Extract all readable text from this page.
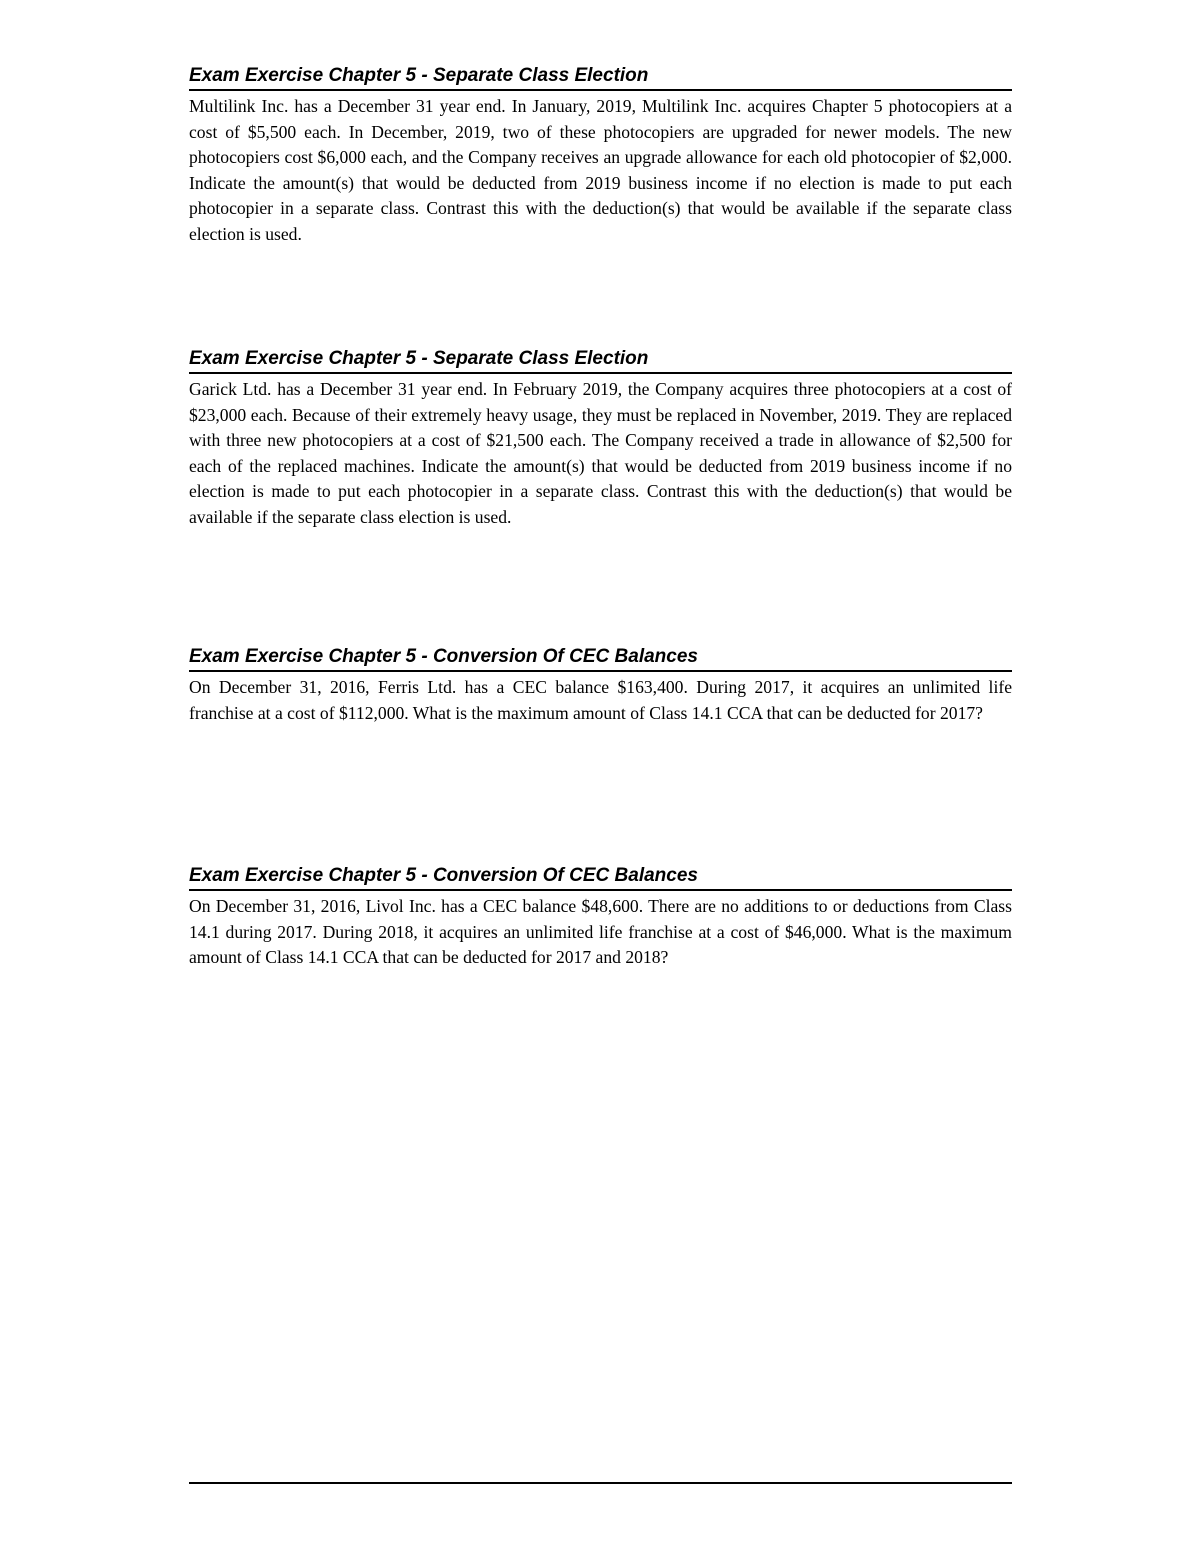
Exam Exercise Chapter 5 - Separate Class Election
Multilink Inc. has a December 31 year end. In January, 2019, Multilink Inc. acquires Chapter 5 photocopiers at a cost of $5,500 each. In December, 2019, two of these photocopiers are upgraded for newer models. The new photocopiers cost $6,000 each, and the Company receives an upgrade allowance for each old photocopier of $2,000. Indicate the amount(s) that would be deducted from 2019 business income if no election is made to put each photocopier in a separate class. Contrast this with the deduction(s) that would be available if the separate class election is used.
Exam Exercise Chapter 5 - Separate Class Election
Garick Ltd. has a December 31 year end. In February 2019, the Company acquires three photocopiers at a cost of $23,000 each. Because of their extremely heavy usage, they must be replaced in November, 2019. They are replaced with three new photocopiers at a cost of $21,500 each. The Company received a trade in allowance of $2,500 for each of the replaced machines. Indicate the amount(s) that would be deducted from 2019 business income if no election is made to put each photocopier in a separate class. Contrast this with the deduction(s) that would be available if the separate class election is used.
Exam Exercise Chapter 5 - Conversion Of CEC Balances
On December 31, 2016, Ferris Ltd. has a CEC balance $163,400. During 2017, it acquires an unlimited life franchise at a cost of $112,000. What is the maximum amount of Class 14.1 CCA that can be deducted for 2017?
Exam Exercise Chapter 5 - Conversion Of CEC Balances
On December 31, 2016, Livol Inc. has a CEC balance $48,600. There are no additions to or deductions from Class 14.1 during 2017. During 2018, it acquires an unlimited life franchise at a cost of $46,000. What is the maximum amount of Class 14.1 CCA that can be deducted for 2017 and 2018?
